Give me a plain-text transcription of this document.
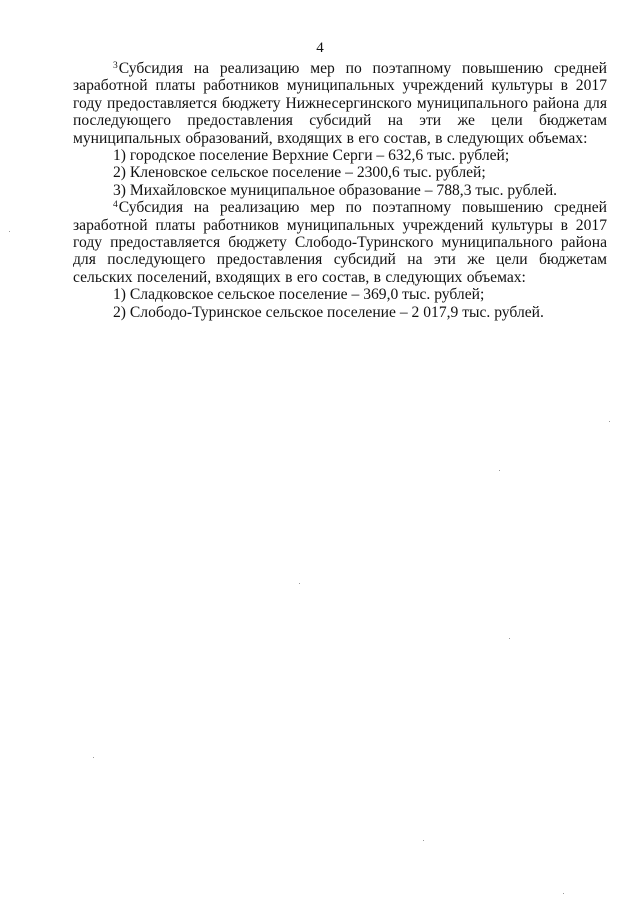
4

$^3$Субсидия на реализацию мер по поэтапному повышению средней заработной платы работников муниципальных учреждений культуры в 2017 году предоставляется бюджету Нижнесергинского муниципального района для последующего предоставления субсидий на эти же цели бюджетам муниципальных образований, входящих в его состав, в следующих объемах:

1) городское поселение Верхние Серги – 632,6 тыс. рублей;

2) Кленовское сельское поселение – 2300,6 тыс. рублей;

3) Михайловское муниципальное образование – 788,3 тыс. рублей.

$^4$Субсидия на реализацию мер по поэтапному повышению средней заработной платы работников муниципальных учреждений культуры в 2017 году предоставляется бюджету Слободо-Туринского муниципального района для последующего предоставления субсидий на эти же цели бюджетам сельских поселений, входящих в его состав, в следующих объемах:

1) Сладковское сельское поселение – 369,0 тыс. рублей;

2) Слободо-Туринское сельское поселение – 2 017,9 тыс. рублей.
